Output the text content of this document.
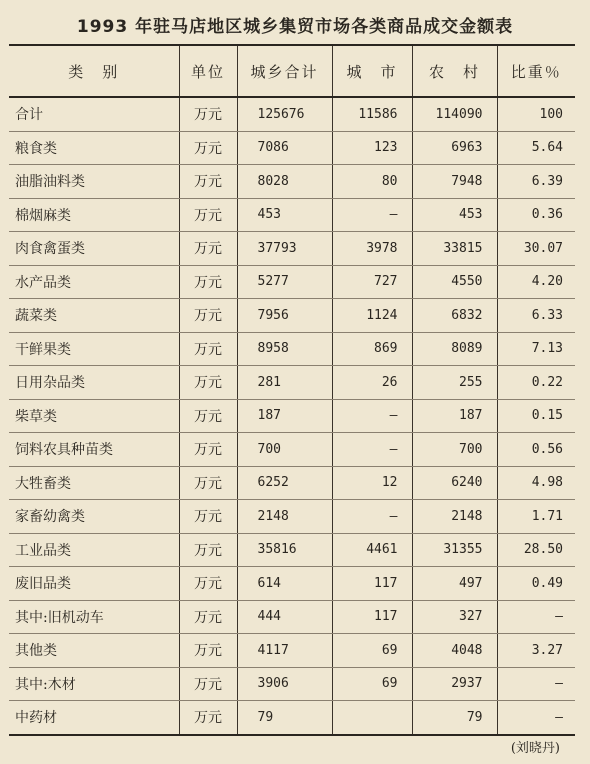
1993 年驻马店地区城乡集贸市场各类商品成交金额表
类　别	单位	城乡合计	城　市	农　村	比重％
合计	万元	125676	11586	114090	100
粮食类	万元	7086	123	6963	5.64
油脂油料类	万元	8028	80	7948	6.39
棉烟麻类	万元	453	—	453	0.36
肉食禽蛋类	万元	37793	3978	33815	30.07
水产品类	万元	5277	727	4550	4.20
蔬菜类	万元	7956	1124	6832	6.33
干鲜果类	万元	8958	869	8089	7.13
日用杂品类	万元	281	26	255	0.22
柴草类	万元	187	—	187	0.15
饲料农具种苗类	万元	700	—	700	0.56
大牲畜类	万元	6252	12	6240	4.98
家畜幼禽类	万元	2148	—	2148	1.71
工业品类	万元	35816	4461	31355	28.50
废旧品类	万元	614	117	497	0.49
其中:旧机动车	万元	444	117	327	—
其他类	万元	4117	69	4048	3.27
其中:木材	万元	3906	69	2937	—
中药材	万元	79		79	—
(刘晓丹)
